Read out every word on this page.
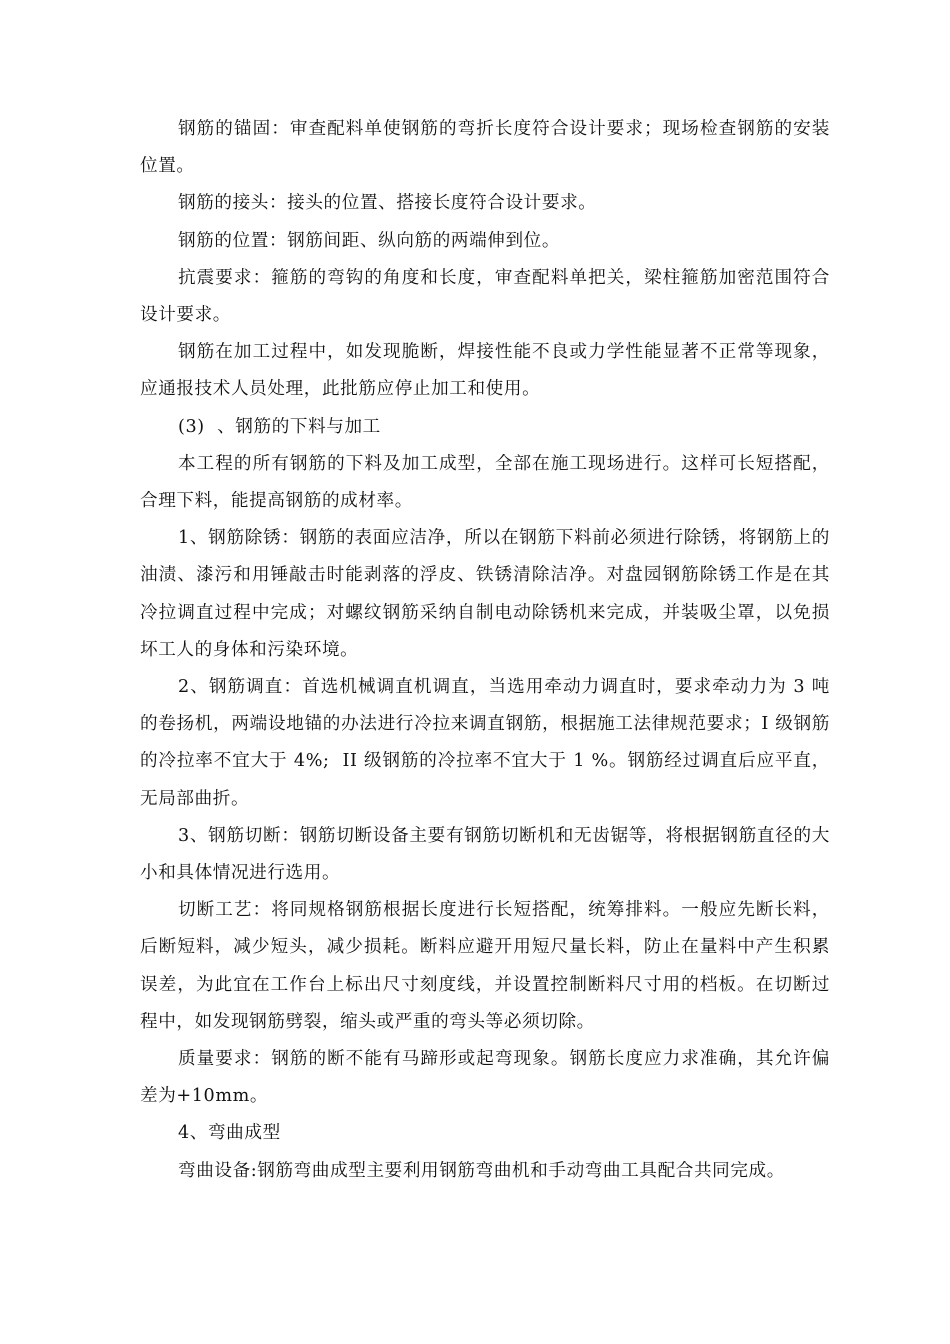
钢筋的锚固：审查配料单使钢筋的弯折长度符合设计要求；现场检查钢筋的安装位置。

钢筋的接头：接头的位置、搭接长度符合设计要求。

钢筋的位置：钢筋间距、纵向筋的两端伸到位。

抗震要求：箍筋的弯钩的角度和长度，审查配料单把关，梁柱箍筋加密范围符合设计要求。

钢筋在加工过程中，如发现脆断，焊接性能不良或力学性能显著不正常等现象，应通报技术人员处理，此批筋应停止加工和使用。

(3)  、钢筋的下料与加工

本工程的所有钢筋的下料及加工成型，全部在施工现场进行。这样可长短搭配，合理下料，能提高钢筋的成材率。

1、钢筋除锈：钢筋的表面应洁净，所以在钢筋下料前必须进行除锈，将钢筋上的油渍、漆污和用锤敲击时能剥落的浮皮、铁锈清除洁净。对盘园钢筋除锈工作是在其冷拉调直过程中完成；对螺纹钢筋采纳自制电动除锈机来完成，并装吸尘罩，以免损坏工人的身体和污染环境。

2、钢筋调直：首选机械调直机调直，当选用牵动力调直时，要求牵动力为 3 吨的卷扬机，两端设地锚的办法进行冷拉来调直钢筋，根据施工法律规范要求；I 级钢筋的冷拉率不宜大于 4%;  II 级钢筋的冷拉率不宜大于 1 %。钢筋经过调直后应平直，无局部曲折。

3、钢筋切断：钢筋切断设备主要有钢筋切断机和无齿锯等，将根据钢筋直径的大小和具体情况进行选用。

切断工艺：将同规格钢筋根据长度进行长短搭配，统筹排料。一般应先断长料，后断短料，减少短头，减少损耗。断料应避开用短尺量长料，防止在量料中产生积累误差，为此宜在工作台上标出尺寸刻度线，并设置控制断料尺寸用的档板。在切断过程中，如发现钢筋劈裂，缩头或严重的弯头等必须切除。

质量要求：钢筋的断不能有马蹄形或起弯现象。钢筋长度应力求准确，其允许偏差为+10mm。

4、弯曲成型

弯曲设备:钢筋弯曲成型主要利用钢筋弯曲机和手动弯曲工具配合共同完成。
